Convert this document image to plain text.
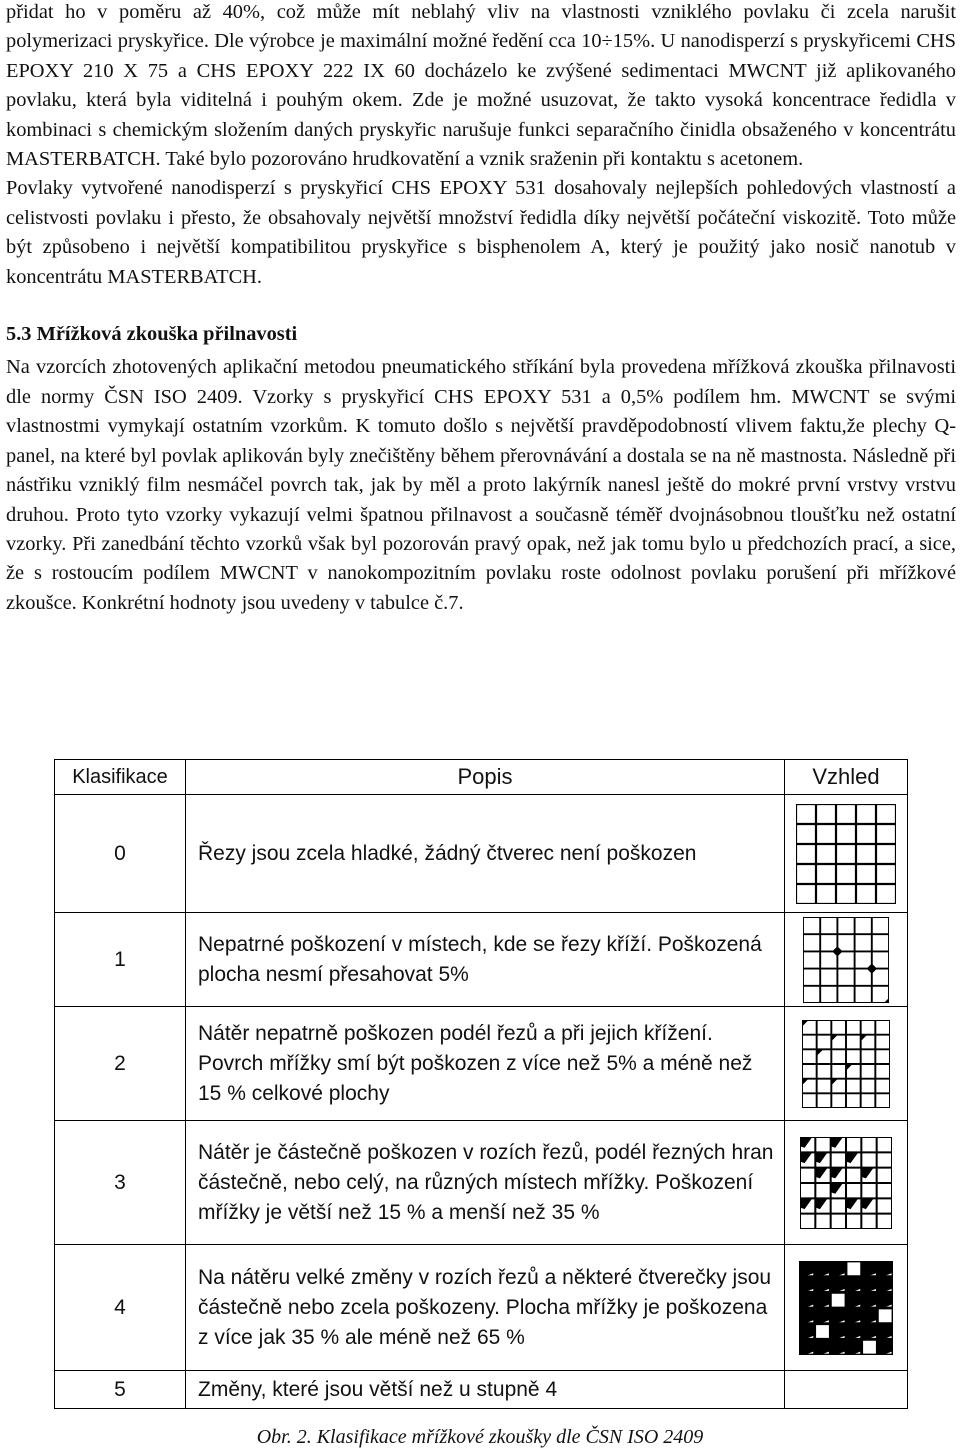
přidat ho v poměru až 40%, což může mít neblahý vliv na vlastnosti vzniklého povlaku či zcela narušit polymerizaci pryskyřice. Dle výrobce je maximální možné ředění cca 10÷15%. U nanodisperzí s pryskyřicemi CHS EPOXY 210 X 75 a CHS EPOXY 222 IX 60 docházelo ke zvýšené sedimentaci MWCNT již aplikovaného povlaku, která byla viditelná i pouhým okem. Zde je možné usuzovat, že takto vysoká koncentrace ředidla v kombinaci s chemickým složením daných pryskyřic narušuje funkci separačního činidla obsaženého v koncentrátu MASTERBATCH. Také bylo pozorováno hrudkovatění a vznik sraženin při kontaktu s acetonem.

Povlaky vytvořené nanodisperzí s pryskyřicí CHS EPOXY 531 dosahovaly nejlepších pohledových vlastností a celistvosti povlaku i přesto, že obsahovaly největší množství ředidla díky největší počáteční viskozitě. Toto může být způsobeno i největší kompatibilitou pryskyřice s bisphenolem A, který je použitý jako nosič nanotub v koncentrátu MASTERBATCH.

5.3 Mřížková zkouška přilnavosti

Na vzorcích zhotovených aplikační metodou pneumatického stříkání byla provedena mřížková zkouška přilnavosti dle normy ČSN ISO 2409. Vzorky s pryskyřicí CHS EPOXY 531 a 0,5% podílem hm. MWCNT se svými vlastnostmi vymykají ostatním vzorkům. K tomuto došlo s největší pravděpodobností vlivem faktu,že plechy Q-panel, na které byl povlak aplikován byly znečištěny během přerovnávání a dostala se na ně mastnosta. Následně při nástřiku vzniklý film nesmáčel povrch tak, jak by měl a proto lakýrník nanesl ještě do mokré první vrstvy vrstvu druhou. Proto tyto vzorky vykazují velmi špatnou přilnavost a současně téměř dvojnásobnou tloušťku než ostatní vzorky. Při zanedbání těchto vzorků však byl pozorován pravý opak, než jak tomu bylo u předchozích prací, a sice, že s rostoucím podílem MWCNT v nanokompozitním povlaku roste odolnost povlaku porušení při mřížkové zkoušce. Konkrétní hodnoty jsou uvedeny v tabulce č.7.

Klasifikace	Popis	Vzhled
0	Řezy jsou zcela hladké, žádný čtverec není poškozen	

1	Nepatrné poškození v místech, kde se řezy kříží. Poškozená plocha nesmí přesahovat 5%	

2	Nátěr nepatrně poškozen podél řezů a při jejich křížení. Povrch mřížky smí být poškozen z více než 5% a méně než 15 % celkové plochy	

3	Nátěr je částečně poškozen v rozích řezů, podél řezných hran částečně, nebo celý, na různých místech mřížky. Poškození mřížky je větší než 15 % a menší než 35 %	

4	Na nátěru velké změny v rozích řezů a některé čtverečky jsou částečně nebo zcela poškozeny. Plocha mřížky je poškozena z více jak 35 % ale méně než 65 %	

5	Změny, které jsou větší než u stupně 4	
Obr. 2. Klasifikace mřížkové zkoušky dle ČSN ISO 2409
